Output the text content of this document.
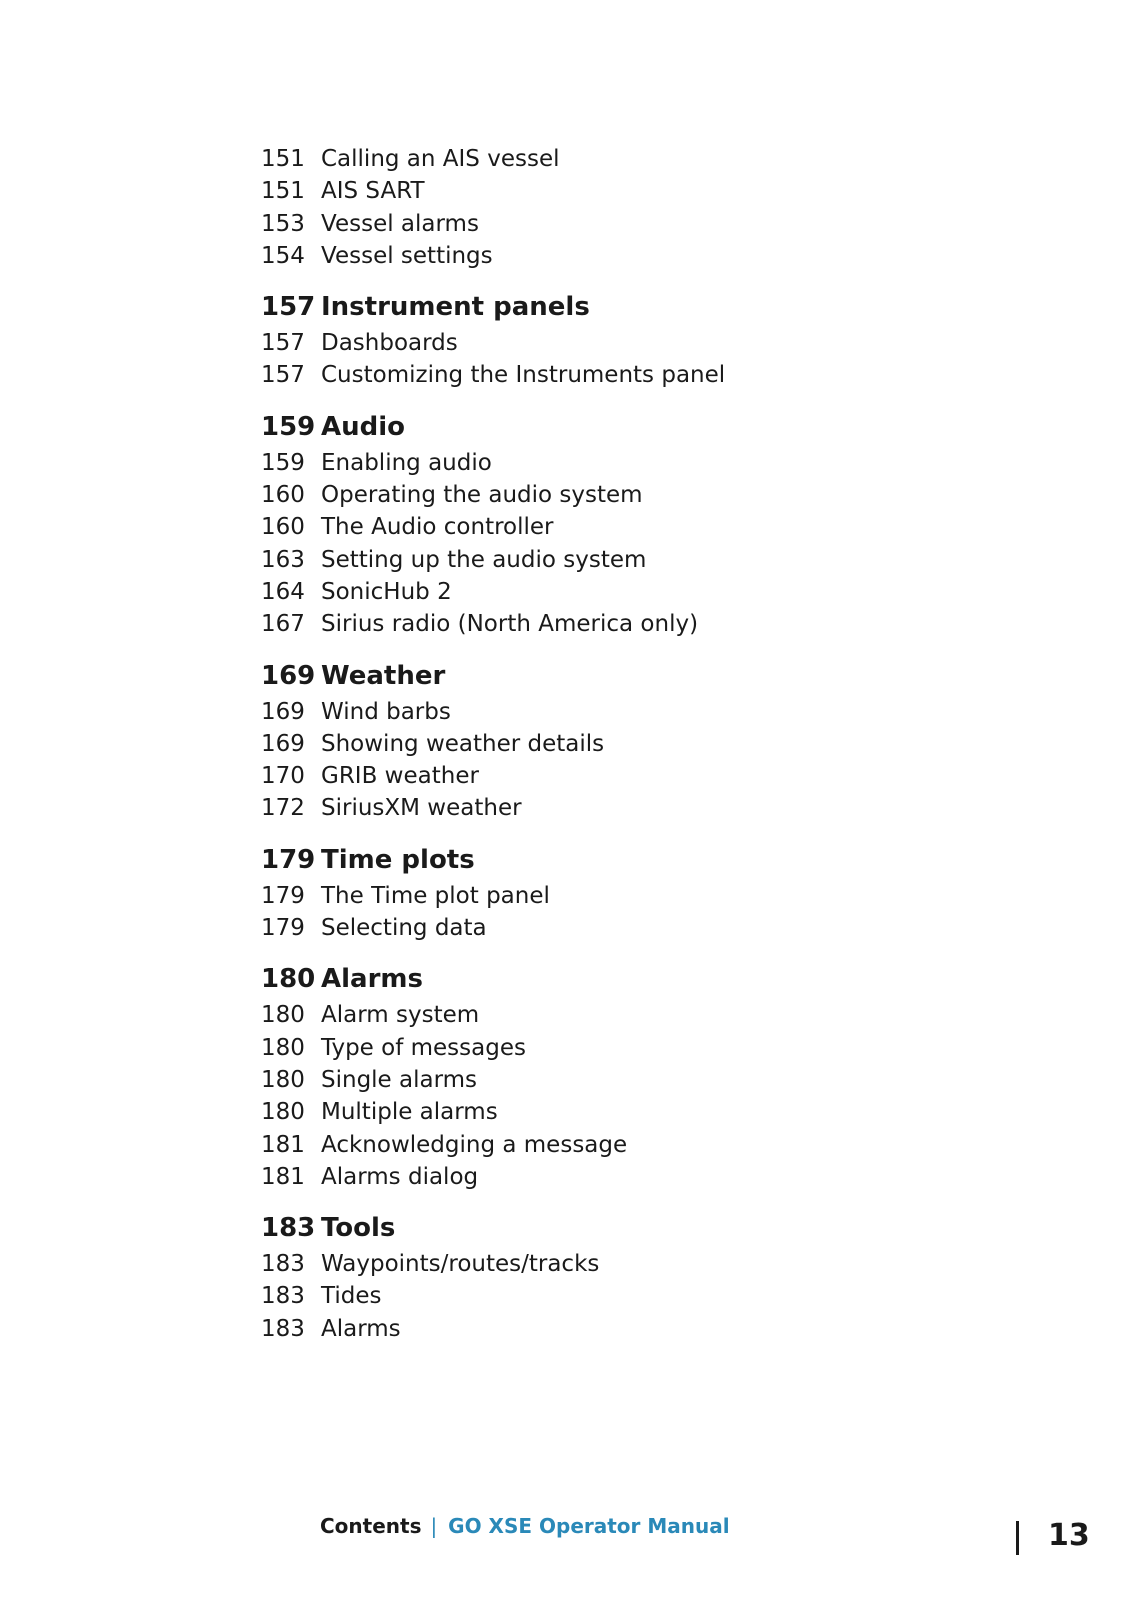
151 Calling an AIS vessel
151 AIS SART
153 Vessel alarms
154 Vessel settings
157 Instrument panels
157 Dashboards
157 Customizing the Instruments panel
159 Audio
159 Enabling audio
160 Operating the audio system
160 The Audio controller
163 Setting up the audio system
164 SonicHub 2
167 Sirius radio (North America only)
169 Weather
169 Wind barbs
169 Showing weather details
170 GRIB weather
172 SiriusXM weather
179 Time plots
179 The Time plot panel
179 Selecting data
180 Alarms
180 Alarm system
180 Type of messages
180 Single alarms
180 Multiple alarms
181 Acknowledging a message
181 Alarms dialog
183 Tools
183 Waypoints/routes/tracks
183 Tides
183 Alarms
Contents | GO XSE Operator Manual	13
